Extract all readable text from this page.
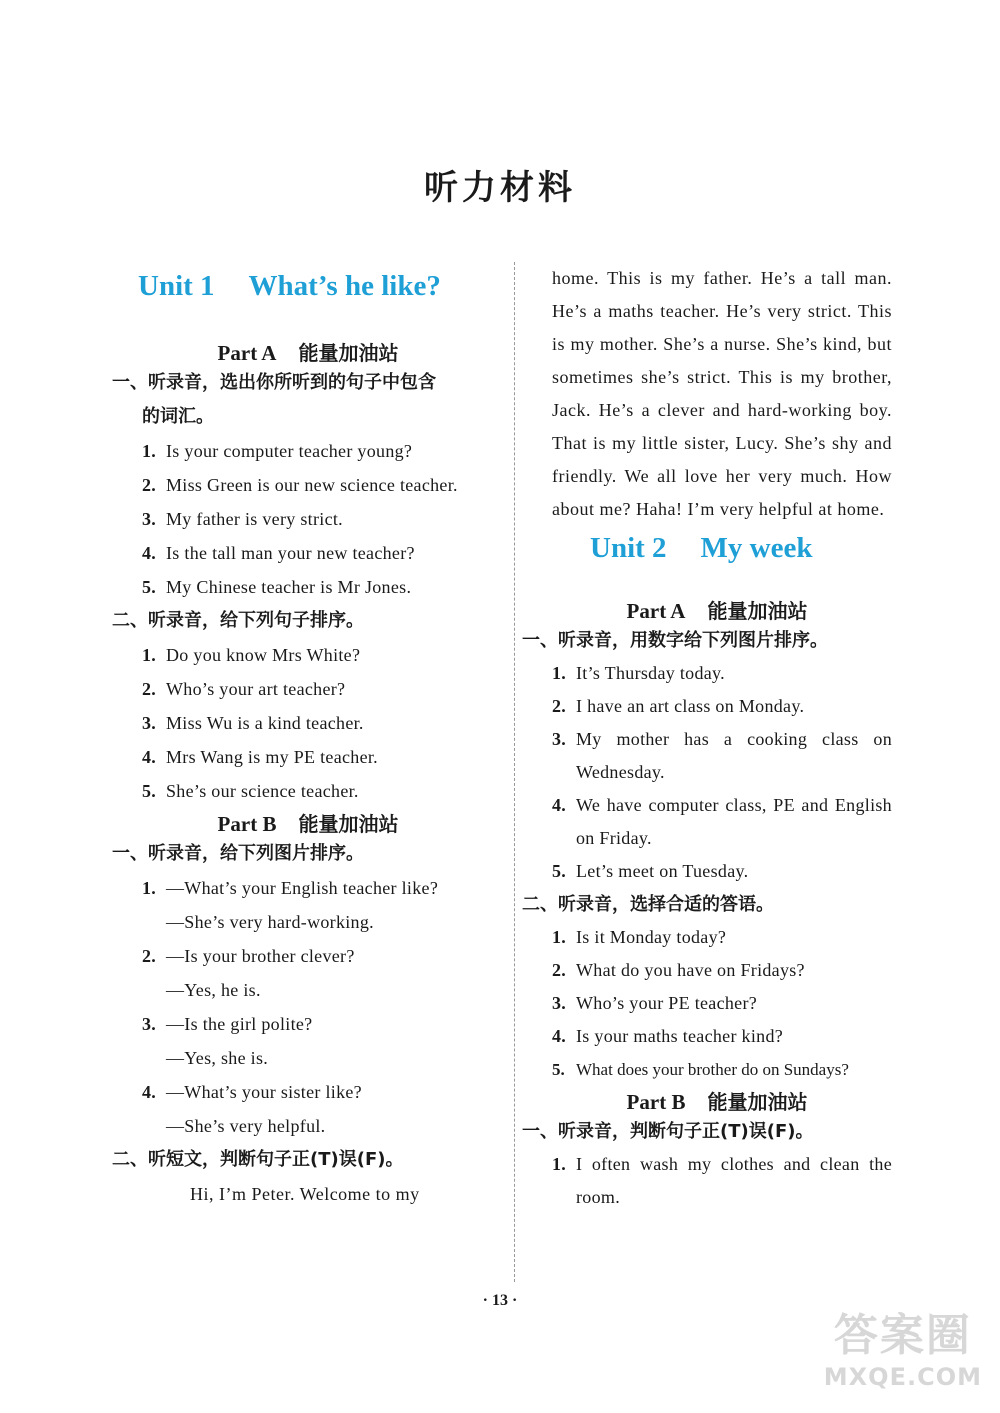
听力材料
Unit 1 What’s he like?
Part A 能量加油站
一、听录音，选出你所听到的句子中包含
的词汇。
1. Is your computer teacher young?
2. Miss Green is our new science teacher.
3. My father is very strict.
4. Is the tall man your new teacher?
5. My Chinese teacher is Mr Jones.
二、听录音，给下列句子排序。
1. Do you know Mrs White?
2. Who’s your art teacher?
3. Miss Wu is a kind teacher.
4. Mrs Wang is my PE teacher.
5. She’s our science teacher.
Part B 能量加油站
一、听录音，给下列图片排序。
1. —What’s your English teacher like?
—She’s very hard-working.
2. —Is your brother clever?
—Yes, he is.
3. —Is the girl polite?
—Yes, she is.
4. —What’s your sister like?
—She’s very helpful.
二、听短文，判断句子正(T)误(F)。
Hi, I’m Peter. Welcome to my
home. This is my father. He’s a tall man. He’s a maths teacher. He’s very strict. This is my mother. She’s a nurse. She’s kind, but sometimes she’s strict. This is my brother, Jack. He’s a clever and hard-working boy. That is my little sister, Lucy. She’s shy and friendly. We all love her very much. How about me? Haha! I’m very helpful at home.
Unit 2 My week
Part A 能量加油站
一、听录音，用数字给下列图片排序。
1. It’s Thursday today.
2. I have an art class on Monday.
3. My mother has a cooking class on Wednesday.
4. We have computer class, PE and English on Friday.
5. Let’s meet on Tuesday.
二、听录音，选择合适的答语。
1. Is it Monday today?
2. What do you have on Fridays?
3. Who’s your PE teacher?
4. Is your maths teacher kind?
5. What does your brother do on Sundays?
Part B 能量加油站
一、听录音，判断句子正(T)误(F)。
1. I often wash my clothes and clean the room.
· 13 ·
答案圈
MXQE.COM
